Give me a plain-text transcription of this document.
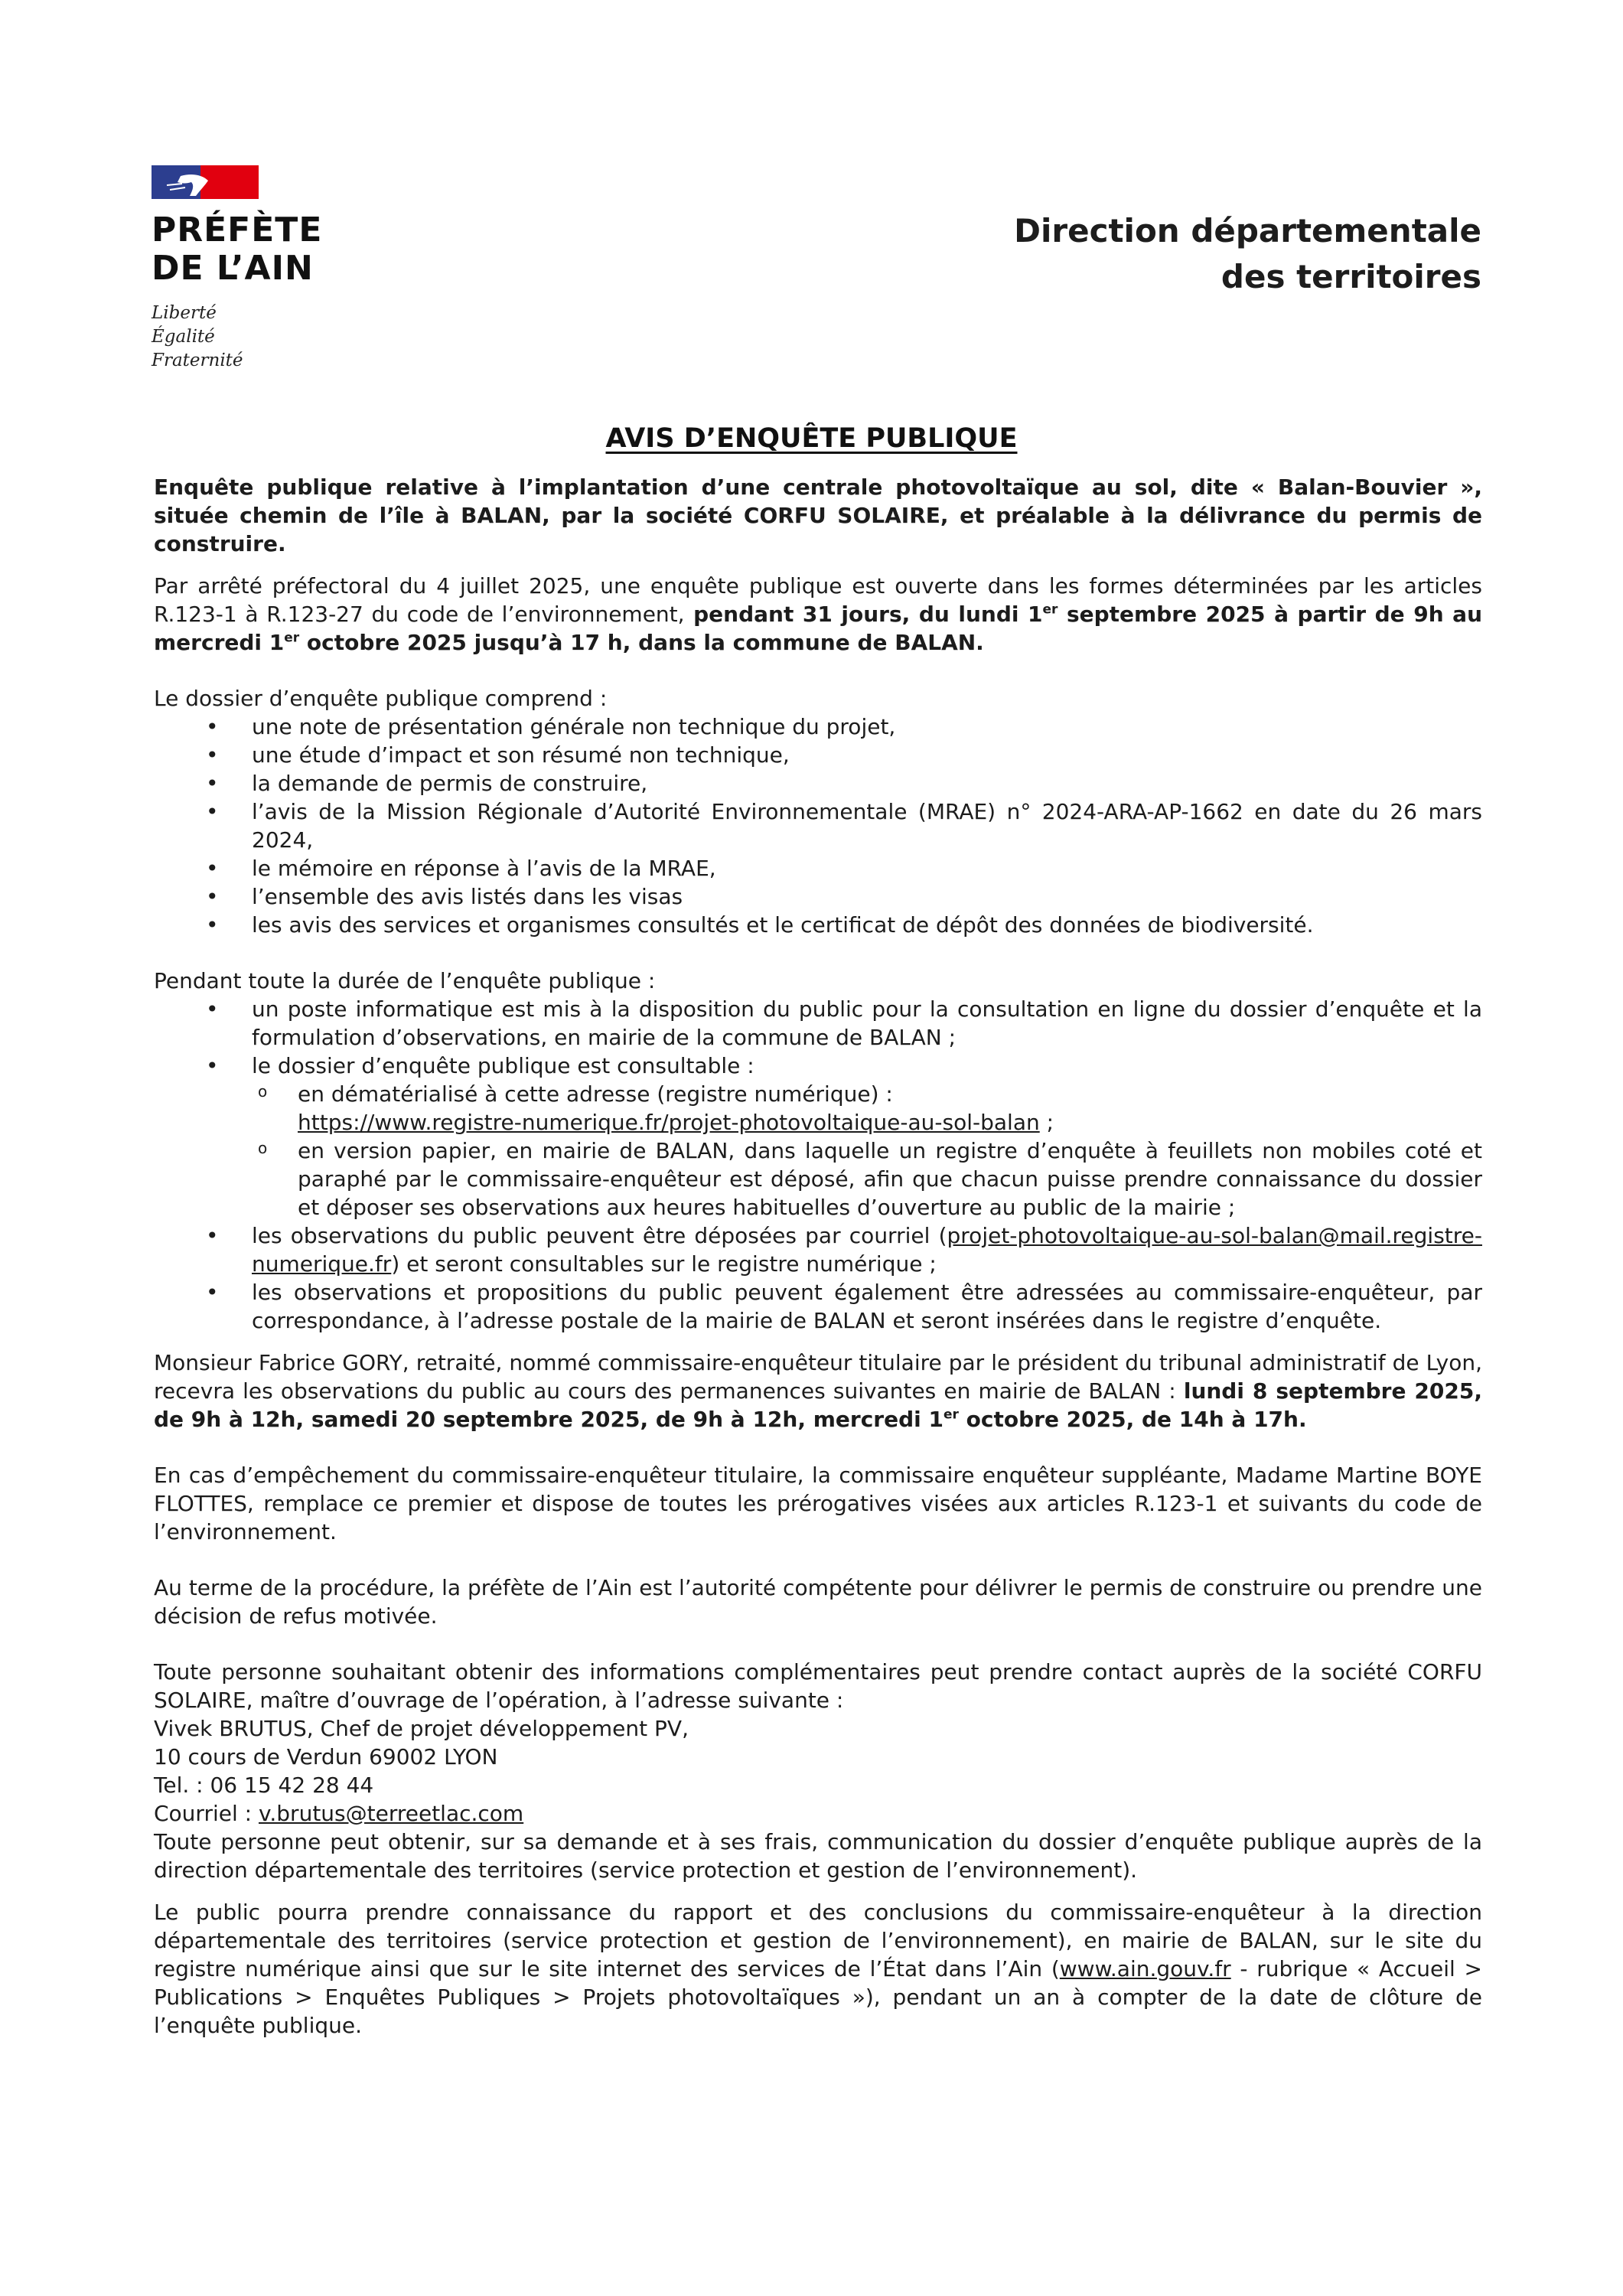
PRÉFÈTE
DE L’AIN
Liberté
Égalité
Fraternité
Direction départementale
des territoires
AVIS D’ENQUÊTE PUBLIQUE

Enquête publique relative à l’implantation d’une centrale photovoltaïque au sol, dite « Balan-Bouvier », située chemin de l’île à BALAN, par la société CORFU SOLAIRE, et préalable à la délivrance du permis de construire.

Par arrêté préfectoral du 4 juillet 2025, une enquête publique est ouverte dans les formes déterminées par les articles R.123-1 à R.123-27 du code de l’environnement, pendant 31 jours, du lundi 1er septembre 2025 à partir de 9h au mercredi 1er octobre 2025 jusqu’à 17 h, dans la commune de BALAN.

Le dossier d’enquête publique comprend :

• une note de présentation générale non technique du projet,
• une étude d’impact et son résumé non technique,
• la demande de permis de construire,
• l’avis de la Mission Régionale d’Autorité Environnementale (MRAE) n° 2024-ARA-AP-1662 en date du 26 mars 2024,
• le mémoire en réponse à l’avis de la MRAE,
• l’ensemble des avis listés dans les visas
• les avis des services et organismes consultés et le certificat de dépôt des données de biodiversité.

Pendant toute la durée de l’enquête publique :

• un poste informatique est mis à la disposition du public pour la consultation en ligne du dossier d’enquête et la formulation d’observations, en mairie de la commune de BALAN ;
• le dossier d’enquête publique est consultable :
o en dématérialisé à cette adresse (registre numérique) :
https://www.registre-numerique.fr/projet-photovoltaique-au-sol-balan ;
o en version papier, en mairie de BALAN, dans laquelle un registre d’enquête à feuillets non mobiles coté et paraphé par le commissaire-enquêteur est déposé, afin que chacun puisse prendre connaissance du dossier et déposer ses observations aux heures habituelles d’ouverture au public de la mairie ;
• les observations du public peuvent être déposées par courriel (projet-photovoltaique-au-sol-balan@mail.registre-numerique.fr) et seront consultables sur le registre numérique ;
• les observations et propositions du public peuvent également être adressées au commissaire-enquêteur, par correspondance, à l’adresse postale de la mairie de BALAN et seront insérées dans le registre d’enquête.

Monsieur Fabrice GORY, retraité, nommé commissaire-enquêteur titulaire par le président du tribunal administratif de Lyon, recevra les observations du public au cours des permanences suivantes en mairie de BALAN : lundi 8 septembre 2025, de 9h à 12h, samedi 20 septembre 2025, de 9h à 12h, mercredi 1er octobre 2025, de 14h à 17h.

En cas d’empêchement du commissaire-enquêteur titulaire, la commissaire enquêteur suppléante, Madame Martine BOYE FLOTTES, remplace ce premier et dispose de toutes les prérogatives visées aux articles R.123-1 et suivants du code de l’environnement.

Au terme de la procédure, la préfète de l’Ain est l’autorité compétente pour délivrer le permis de construire ou prendre une décision de refus motivée.

Toute personne souhaitant obtenir des informations complémentaires peut prendre contact auprès de la société CORFU SOLAIRE, maître d’ouvrage de l’opération, à l’adresse suivante :

Vivek BRUTUS, Chef de projet développement PV,

10 cours de Verdun 69002 LYON

Tel. : 06 15 42 28 44

Courriel : v.brutus@terreetlac.com

Toute personne peut obtenir, sur sa demande et à ses frais, communication du dossier d’enquête publique auprès de la direction départementale des territoires (service protection et gestion de l’environnement).

Le public pourra prendre connaissance du rapport et des conclusions du commissaire-enquêteur à la direction départementale des territoires (service protection et gestion de l’environnement), en mairie de BALAN, sur le site du registre numérique ainsi que sur le site internet des services de l’État dans l’Ain (www.ain.gouv.fr - rubrique « Accueil > Publications > Enquêtes Publiques > Projets photovoltaïques »), pendant un an à compter de la date de clôture de l’enquête publique.
